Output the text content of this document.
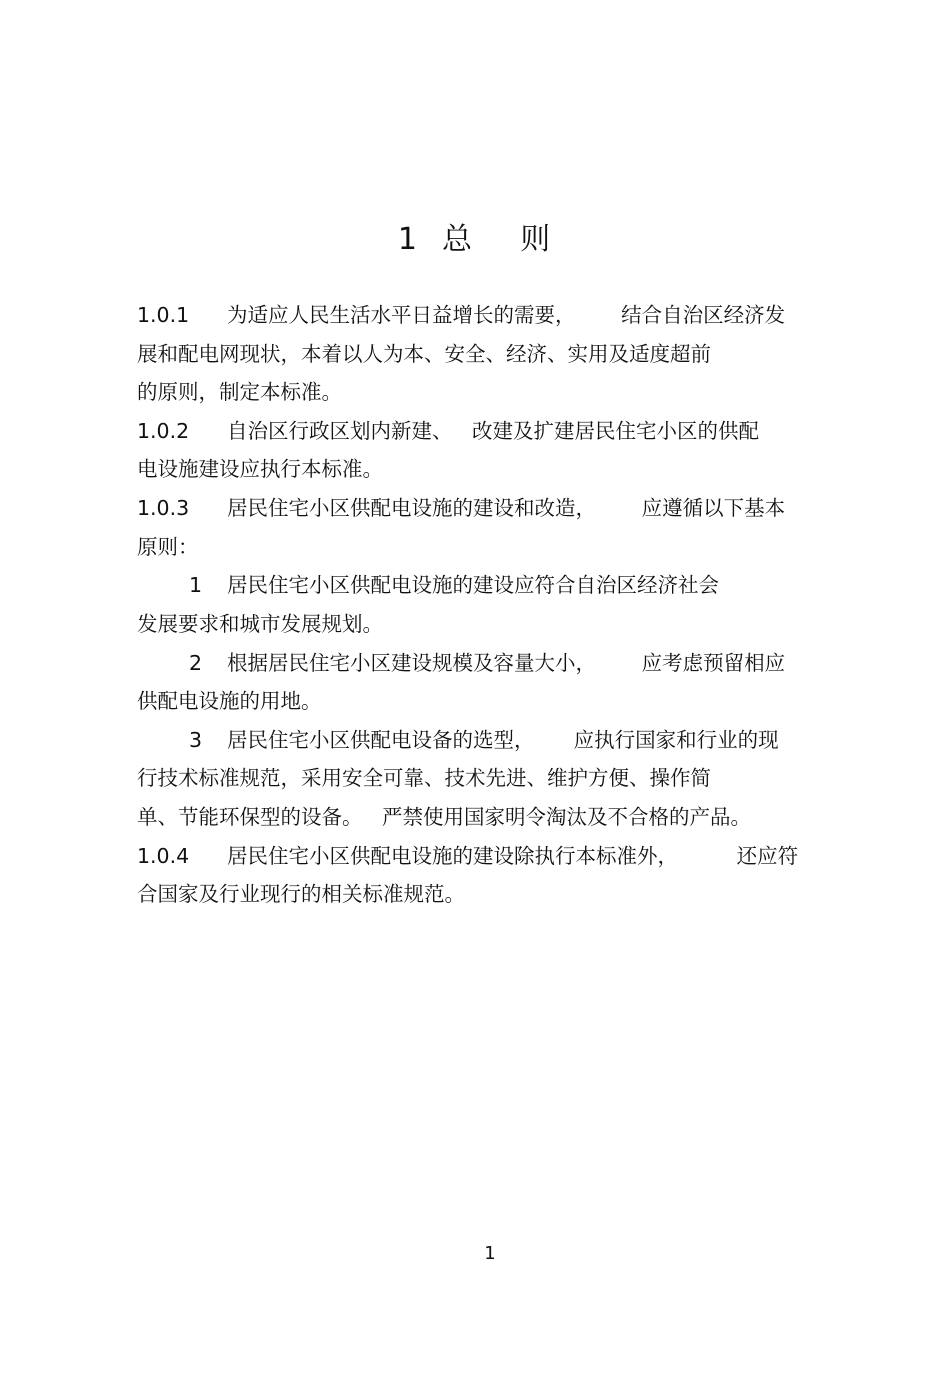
1 总    则

1.0.1 为适应人民生活水平日益增长的需要，       结合自治区经济发

展和配电网现状，本着以人为本、安全、经济、实用及适度超前

的原则，制定本标准。

1.0.2 自治区行政区划内新建、   改建及扩建居民住宅小区的供配

电设施建设应执行本标准。

1.0.3 居民住宅小区供配电设施的建设和改造，       应遵循以下基本

原则：

1 居民住宅小区供配电设施的建设应符合自治区经济社会

发展要求和城市发展规划。

2 根据居民住宅小区建设规模及容量大小，       应考虑预留相应

供配电设施的用地。

3 居民住宅小区供配电设备的选型，      应执行国家和行业的现

行技术标准规范，采用安全可靠、技术先进、维护方便、操作简

单、节能环保型的设备。   严禁使用国家明令淘汰及不合格的产品。

1.0.4 居民住宅小区供配电设施的建设除执行本标准外，         还应符

合国家及行业现行的相关标准规范。

1
